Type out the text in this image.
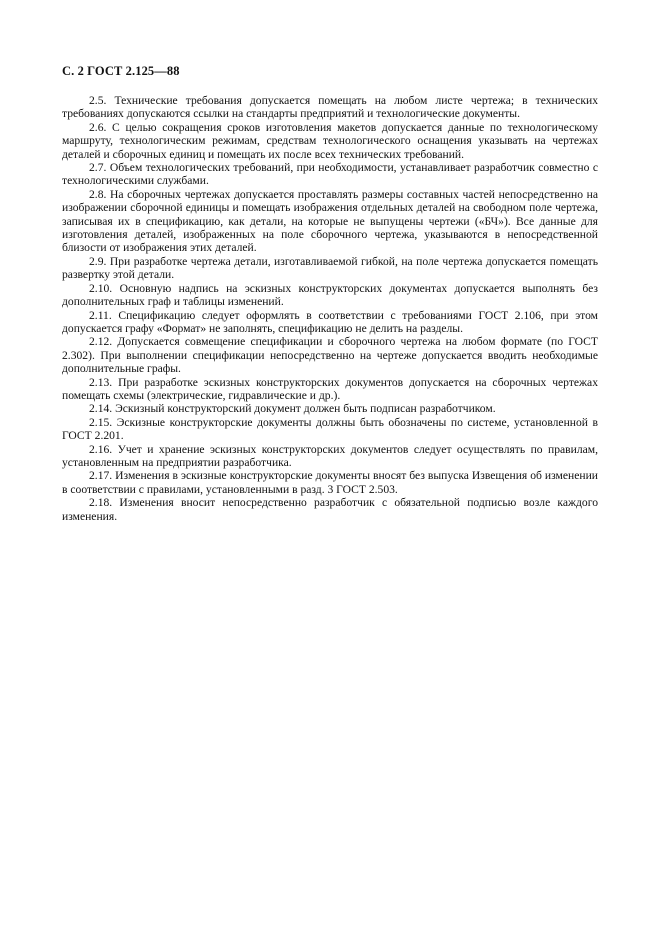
С. 2 ГОСТ 2.125—88

2.5. Технические требования допускается помещать на любом листе чертежа; в технических требованиях допускаются ссылки на стандарты предприятий и технологические документы.

2.6. С целью сокращения сроков изготовления макетов допускается данные по технологическому маршруту, технологическим режимам, средствам технологического оснащения указывать на чертежах деталей и сборочных единиц и помещать их после всех технических требований.

2.7. Объем технологических требований, при необходимости, устанавливает разработчик совместно с технологическими службами.

2.8. На сборочных чертежах допускается проставлять размеры составных частей непосредственно на изображении сборочной единицы и помещать изображения отдельных деталей на свободном поле чертежа, записывая их в спецификацию, как детали, на которые не выпущены чертежи («БЧ»). Все данные для изготовления деталей, изображенных на поле сборочного чертежа, указываются в непосредственной близости от изображения этих деталей.

2.9. При разработке чертежа детали, изготавливаемой гибкой, на поле чертежа допускается помещать развертку этой детали.

2.10. Основную надпись на эскизных конструкторских документах допускается выполнять без дополнительных граф и таблицы изменений.

2.11. Спецификацию следует оформлять в соответствии с требованиями ГОСТ 2.106, при этом допускается графу «Формат» не заполнять, спецификацию не делить на разделы.

2.12. Допускается совмещение спецификации и сборочного чертежа на любом формате (по ГОСТ 2.302). При выполнении спецификации непосредственно на чертеже допускается вводить необходимые дополнительные графы.

2.13. При разработке эскизных конструкторских документов допускается на сборочных чертежах помещать схемы (электрические, гидравлические и др.).

2.14. Эскизный конструкторский документ должен быть подписан разработчиком.

2.15. Эскизные конструкторские документы должны быть обозначены по системе, установленной в ГОСТ 2.201.

2.16. Учет и хранение эскизных конструкторских документов следует осуществлять по правилам, установленным на предприятии разработчика.

2.17. Изменения в эскизные конструкторские документы вносят без выпуска Извещения об изменении в соответствии с правилами, установленными в разд. 3 ГОСТ 2.503.

2.18. Изменения вносит непосредственно разработчик с обязательной подписью возле каждого изменения.
